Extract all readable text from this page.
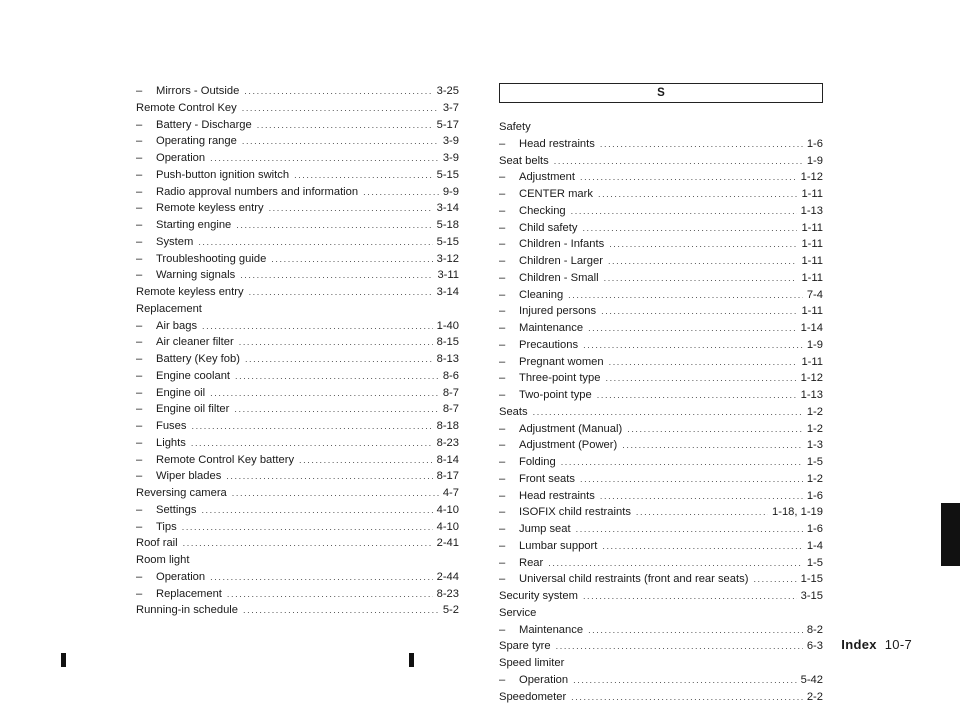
–	Mirrors - Outside .....	3-25
Remote Control Key .....	3-7
–	Battery - Discharge .....	5-17
–	Operating range .....	3-9
–	Operation .....	3-9
–	Push-button ignition switch .....	5-15
–	Radio approval numbers and information .....	9-9
–	Remote keyless entry .....	3-14
–	Starting engine .....	5-18
–	System .....	5-15
–	Troubleshooting guide .....	3-12
–	Warning signals .....	3-11
Remote keyless entry .....	3-14
Replacement
–	Air bags .....	1-40
–	Air cleaner filter .....	8-15
–	Battery (Key fob) .....	8-13
–	Engine coolant .....	8-6
–	Engine oil .....	8-7
–	Engine oil filter .....	8-7
–	Fuses .....	8-18
–	Lights .....	8-23
–	Remote Control Key battery .....	8-14
–	Wiper blades .....	8-17
Reversing camera .....	4-7
–	Settings .....	4-10
–	Tips .....	4-10
Roof rail .....	2-41
Room light
–	Operation .....	2-44
–	Replacement .....	8-23
Running-in schedule .....	5-2
S
Safety
–	Head restraints .....	1-6
Seat belts .....	1-9
–	Adjustment .....	1-12
–	CENTER mark .....	1-11
–	Checking .....	1-13
–	Child safety .....	1-11
–	Children - Infants .....	1-11
–	Children - Larger .....	1-11
–	Children - Small .....	1-11
–	Cleaning .....	7-4
–	Injured persons .....	1-11
–	Maintenance .....	1-14
–	Precautions .....	1-9
–	Pregnant women .....	1-11
–	Three-point type .....	1-12
–	Two-point type .....	1-13
Seats .....	1-2
–	Adjustment (Manual) .....	1-2
–	Adjustment (Power) .....	1-3
–	Folding .....	1-5
–	Front seats .....	1-2
–	Head restraints .....	1-6
–	ISOFIX child restraints .....	1-18, 1-19
–	Jump seat .....	1-6
–	Lumbar support .....	1-4
–	Rear .....	1-5
–	Universal child restraints (front and rear seats) .....	1-15
Security system .....	3-15
Service
–	Maintenance .....	8-2
Spare tyre .....	6-3
Speed limiter
–	Operation .....	5-42
Speedometer .....	2-2
Index 10-7
